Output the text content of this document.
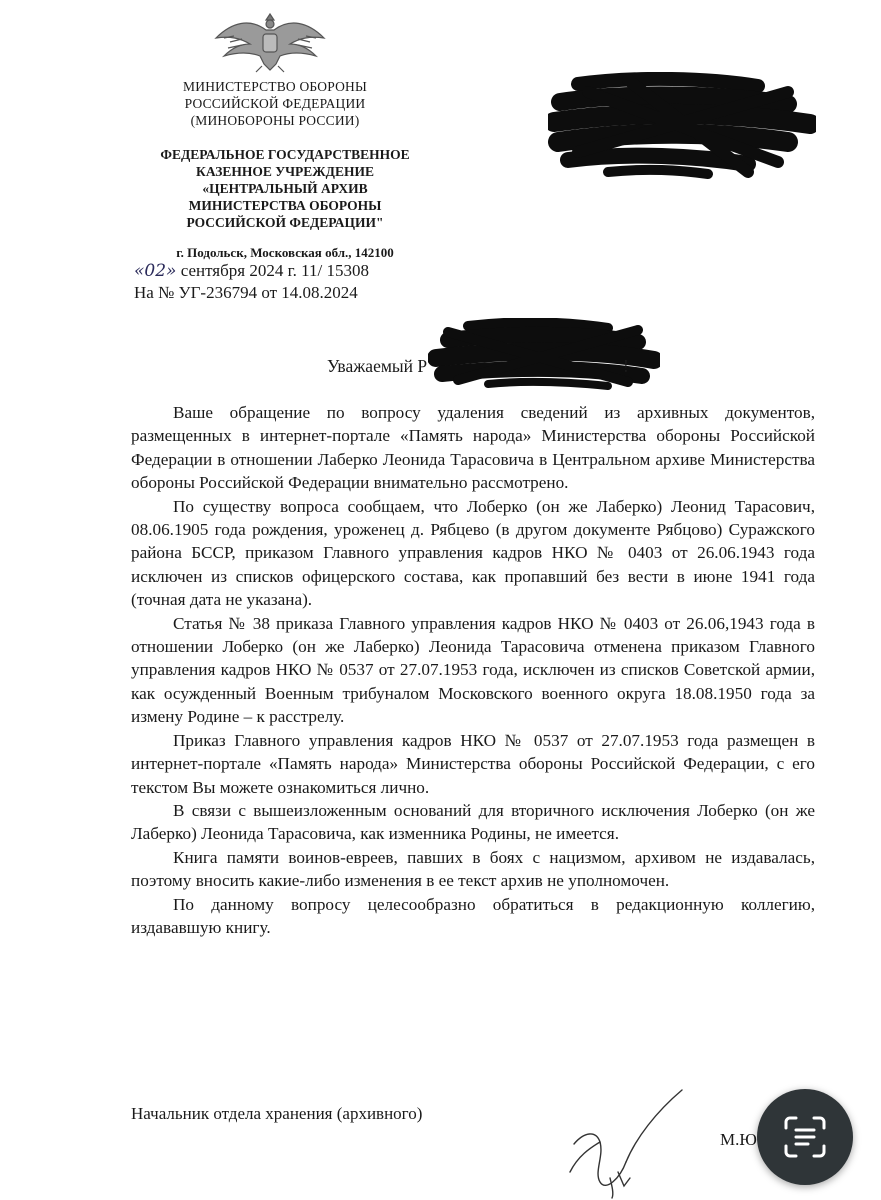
МИНИСТЕРСТВО ОБОРОНЫ
РОССИЙСКОЙ ФЕДЕРАЦИИ
(МИНОБОРОНЫ РОССИИ)
ФЕДЕРАЛЬНОЕ ГОСУДАРСТВЕННОЕ
КАЗЕННОЕ УЧРЕЖДЕНИЕ
«ЦЕНТРАЛЬНЫЙ АРХИВ
МИНИСТЕРСТВА ОБОРОНЫ
РОССИЙСКОЙ ФЕДЕРАЦИИ"
г. Подольск, Московская обл., 142100
«02» сентября 2024 г. 11/ 15308
На № УГ-236794 от 14.08.2024
Уважаемый Р	!

Ваше обращение по вопросу удаления сведений из архивных документов, размещенных в интернет-портале «Память народа» Министерства обороны Российской Федерации в отношении Лаберко Леонида Тарасовича в Центральном архиве Министерства обороны Российской Федерации внимательно рассмотрено.

По существу вопроса сообщаем, что Лоберко (он же Лаберко) Леонид Тарасович, 08.06.1905 года рождения, уроженец д. Рябцево (в другом документе Рябцово) Суражского района БССР, приказом Главного управления кадров НКО № 0403 от 26.06.1943 года исключен из списков офицерского состава, как пропавший без вести в июне 1941 года (точная дата не указана).

Статья № 38 приказа Главного управления кадров НКО № 0403 от 26.06,1943 года в отношении Лоберко (он же Лаберко) Леонида Тарасовича отменена приказом Главного управления кадров НКО № 0537 от 27.07.1953 года, исключен из списков Советской армии, как осужденный Военным трибуналом Московского военного округа 18.08.1950 года за измену Родине – к расстрелу.

Приказ Главного управления кадров НКО № 0537 от 27.07.1953 года размещен в интернет-портале «Память народа» Министерства обороны Российской Федерации, с его текстом Вы можете ознакомиться лично.

В связи с вышеизложенным оснований для вторичного исключения Лоберко (он же Лаберко) Леонида Тарасовича, как изменника Родины, не имеется.

Книга памяти воинов-евреев, павших в боях с нацизмом, архивом не издавалась, поэтому вносить какие-либо изменения в ее текст архив не уполномочен.

По данному вопросу целесообразно обратиться в редакционную коллегию, издававшую книгу.

Начальник отдела хранения (архивного)
М.Ю
